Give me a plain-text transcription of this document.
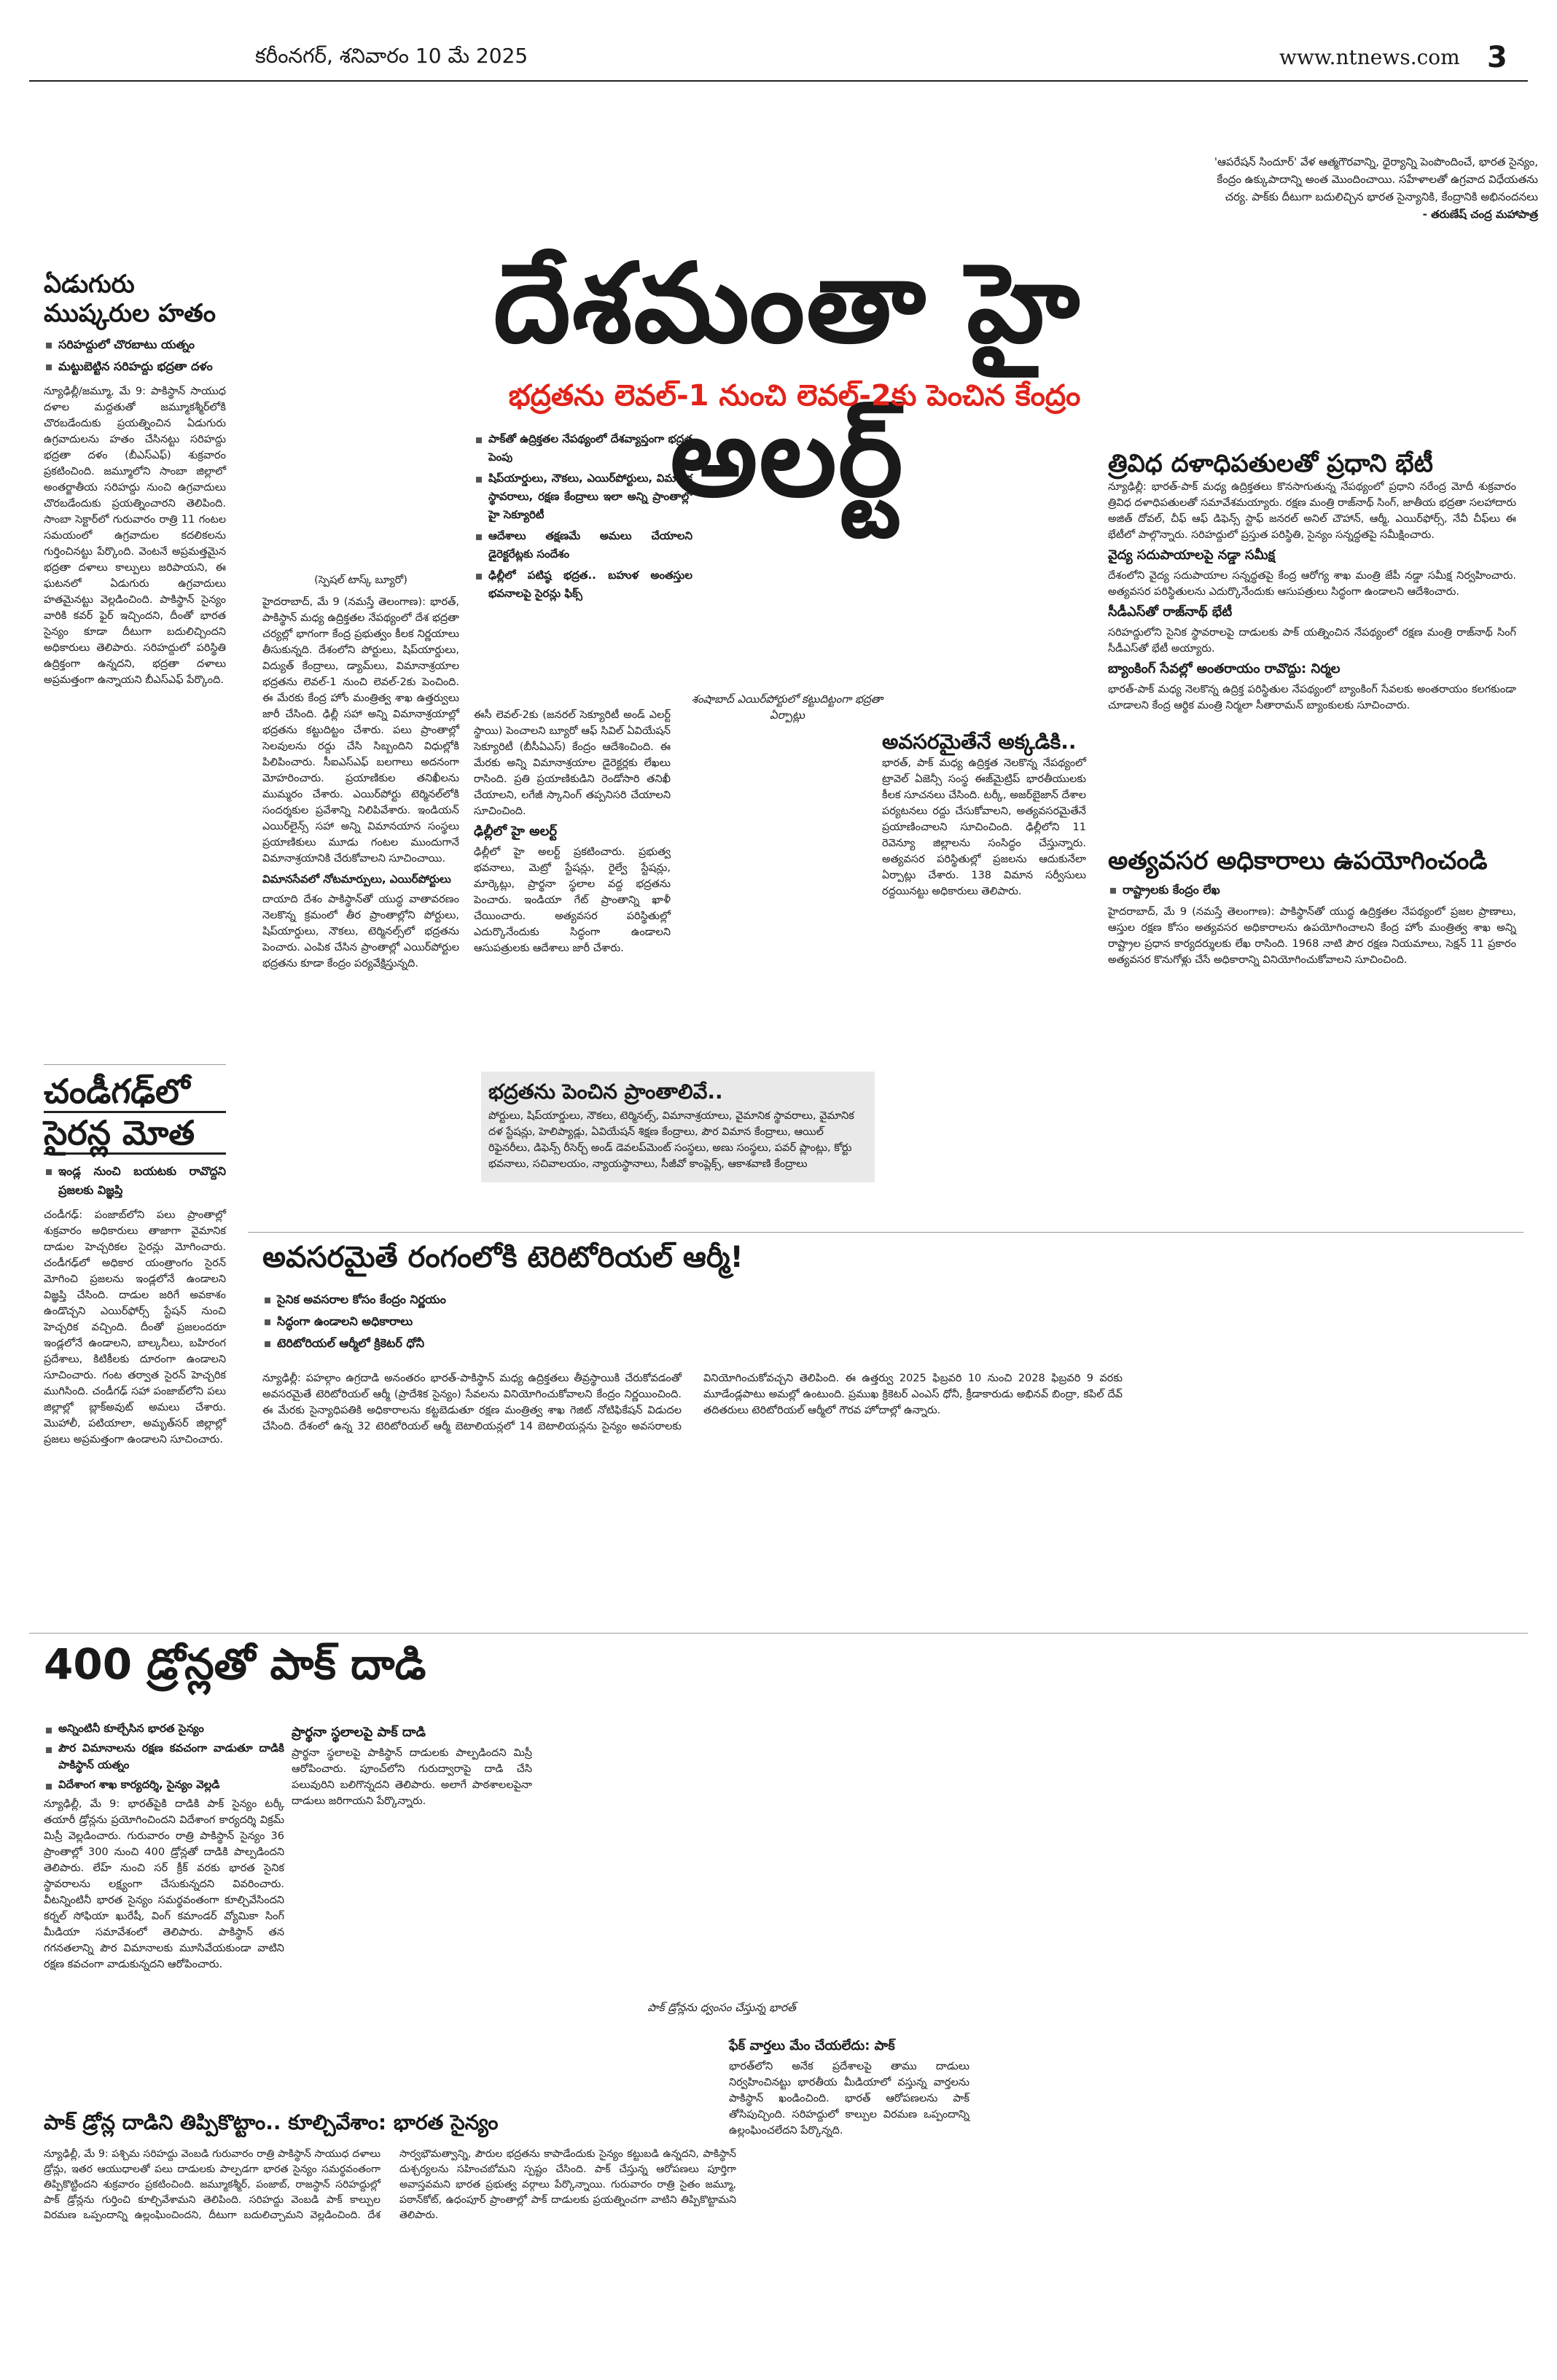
కరీంనగర్, శనివారం 10 మే 2025	www.ntnews.com 3
'ఆపరేషన్ సిందూర్' వేళ ఆత్మగౌరవాన్ని, ధైర్యాన్ని పెంపొందించే, భారత సైన్యం, కేంద్రం ఉక్కుపాదాన్ని అంత మొందించాయి. సహేళాలతో ఉగ్రవాద విధేయతను చర్య. పాక్‌కు దీటుగా బదులిచ్చిన భారత సైన్యానికి, కేంద్రానికి అభినందనలు
- తరుణేష్ చంద్ర మహాపాత్ర
దేశమంతా హై అలర్ట్
భద్రతను లెవల్-1 నుంచి లెవల్-2కు పెంచిన కేంద్రం
ఏడుగురు ముష్కరుల హతం
సరిహద్దులో చొరబాటు యత్నం
మట్టుబెట్టిన సరిహద్దు భద్రతా దళం

న్యూఢిల్లీ/జమ్మూ, మే 9: పాకిస్థాన్ సాయుధ దళాల మద్దతుతో జమ్మూకశ్మీర్‌లోకి చొరబడేందుకు ప్రయత్నించిన ఏడుగురు ఉగ్రవాదులను హతం చేసినట్టు సరిహద్దు భద్రతా దళం (బీఎస్ఎఫ్) శుక్రవారం ప్రకటించింది. జమ్మూలోని సాంబా జిల్లాలో అంతర్జాతీయ సరిహద్దు నుంచి ఉగ్రవాదులు చొరబడేందుకు ప్రయత్నించారని తెలిపింది. సాంబా సెక్టార్‌లో గురువారం రాత్రి 11 గంటల సమయంలో ఉగ్రవాదుల కదలికలను గుర్తించినట్టు పేర్కొంది. వెంటనే అప్రమత్తమైన భద్రతా దళాలు కాల్పులు జరిపాయని, ఈ ఘటనలో ఏడుగురు ఉగ్రవాదులు హతమైనట్టు వెల్లడించింది. పాకిస్థాన్ సైన్యం వారికి కవర్ ఫైర్ ఇచ్చిందని, దీంతో భారత సైన్యం కూడా దీటుగా బదులిచ్చిందని అధికారులు తెలిపారు. సరిహద్దులో పరిస్థితి ఉద్రిక్తంగా ఉన్నదని, భద్రతా దళాలు అప్రమత్తంగా ఉన్నాయని బీఎస్ఎఫ్ పేర్కొంది.

చండీగఢ్‌లో
సైరన్ల మోత
ఇండ్ల నుంచి బయటకు రావొద్దని ప్రజలకు విజ్ఞప్తి

చండీగఢ్: పంజాబ్‌లోని పలు ప్రాంతాల్లో శుక్రవారం అధికారులు తాజాగా వైమానిక దాడుల హెచ్చరికల సైరన్లు మోగించారు. చండీగఢ్‌లో అధికార యంత్రాంగం సైరన్ మోగించి ప్రజలను ఇండ్లలోనే ఉండాలని విజ్ఞప్తి చేసింది. దాడుల జరిగే అవకాశం ఉండొచ్చని ఎయిర్‌ఫోర్స్ స్టేషన్ నుంచి హెచ్చరిక వచ్చింది. దీంతో ప్రజలందరూ ఇండ్లలోనే ఉండాలని, బాల్కనీలు, బహిరంగ ప్రదేశాలు, కిటికీలకు దూరంగా ఉండాలని సూచించారు. గంట తర్వాత సైరన్ హెచ్చరిక ముగిసింది. చండీగఢ్ సహా పంజాబ్‌లోని పలు జిల్లాల్లో బ్లాక్‌అవుట్ అమలు చేశారు. మొహాలీ, పటియాలా, అమృత్‌సర్ జిల్లాల్లో ప్రజలు అప్రమత్తంగా ఉండాలని సూచించారు.

(స్పెషల్ టాస్క్ బ్యూరో)

హైదరాబాద్, మే 9 (నమస్తే తెలంగాణ): భారత్, పాకిస్థాన్ మధ్య ఉద్రిక్తతల నేపథ్యంలో దేశ భద్రతా చర్యల్లో భాగంగా కేంద్ర ప్రభుత్వం కీలక నిర్ణయాలు తీసుకున్నది. దేశంలోని పోర్టులు, షిప్‌యార్డులు, విద్యుత్ కేంద్రాలు, డ్యామ్‌లు, విమానాశ్రయాల భద్రతను లెవల్-1 నుంచి లెవల్-2కు పెంచింది. ఈ మేరకు కేంద్ర హోం మంత్రిత్వ శాఖ ఉత్తర్వులు జారీ చేసింది. ఢిల్లీ సహా అన్ని విమానాశ్రయాల్లో భద్రతను కట్టుదిట్టం చేశారు. పలు ప్రాంతాల్లో సెలవులను రద్దు చేసి సిబ్బందిని విధుల్లోకి పిలిపించారు. సీఐఎస్ఎఫ్ బలగాలు అదనంగా మోహరించారు. ప్రయాణికుల తనిఖీలను ముమ్మరం చేశారు. ఎయిర్‌పోర్టు టెర్మినల్‌లోకి సందర్శకుల ప్రవేశాన్ని నిలిపివేశారు. ఇండియన్ ఎయిర్‌లైన్స్ సహా అన్ని విమానయాన సంస్థలు ప్రయాణికులు మూడు గంటల ముందుగానే విమానాశ్రయానికి చేరుకోవాలని సూచించాయి.

విమానసేవలో నోటమార్పులు, ఎయిర్‌పోర్టులు

దాయాది దేశం పాకిస్థాన్‌తో యుద్ధ వాతావరణం నెలకొన్న క్రమంలో తీర ప్రాంతాల్లోని పోర్టులు, షిప్‌యార్డులు, నౌకలు, టెర్మినల్స్‌లో భద్రతను పెంచారు. ఎంపిక చేసిన ప్రాంతాల్లో ఎయిర్‌పోర్టుల భద్రతను కూడా కేంద్రం పర్యవేక్షిస్తున్నది.

పాక్‌తో ఉద్రిక్తతల నేపథ్యంలో దేశవ్యాప్తంగా భద్రత పెంపు
షిప్‌యార్డులు, నౌకలు, ఎయిర్‌పోర్టులు, విమానిక స్థావరాలు, రక్షణ కేంద్రాలు ఇలా అన్ని ప్రాంతాల్లో హై సెక్యూరిటీ
ఆదేశాలు తక్షణమే అమలు చేయాలని డైరెక్టరేట్లకు సందేశం
ఢిల్లీలో పటిష్ఠ భద్రత.. బహుళ అంతస్తుల భవనాలపై సైరన్లు ఫిక్స్

ఈసీ లెవల్-2కు (జనరల్ సెక్యూరిటీ అండ్ ఎలర్ట్ స్థాయి) పెంచాలని బ్యూరో ఆఫ్ సివిల్ ఏవియేషన్ సెక్యూరిటీ (బీసీఏఎస్) కేంద్రం ఆదేశించింది. ఈ మేరకు అన్ని విమానాశ్రయాల డైరెక్టర్లకు లేఖలు రాసింది. ప్రతి ప్రయాణికుడిని రెండోసారి తనిఖీ చేయాలని, లగేజీ స్కానింగ్ తప్పనిసరి చేయాలని సూచించింది.

ఢిల్లీలో హై అలర్ట్

ఢిల్లీలో హై అలర్ట్ ప్రకటించారు. ప్రభుత్వ భవనాలు, మెట్రో స్టేషన్లు, రైల్వే స్టేషన్లు, మార్కెట్లు, ప్రార్థనా స్థలాల వద్ద భద్రతను పెంచారు. ఇండియా గేట్ ప్రాంతాన్ని ఖాళీ చేయించారు. అత్యవసర పరిస్థితుల్లో ఎదుర్కొనేందుకు సిద్ధంగా ఉండాలని ఆసుపత్రులకు ఆదేశాలు జారీ చేశారు.

శంషాబాద్ ఎయిర్‌పోర్టులో కట్టుదిట్టంగా భద్రతా ఏర్పాట్లు
అవసరమైతేనే అక్కడికి..

భారత్, పాక్ మధ్య ఉద్రిక్తత నెలకొన్న నేపథ్యంలో ట్రావెల్ ఏజెన్సీ సంస్థ ఈజ్‌మైట్రిప్ భారతీయులకు కీలక సూచనలు చేసింది. టర్కీ, అజర్‌బైజాన్ దేశాల పర్యటనలు రద్దు చేసుకోవాలని, అత్యవసరమైతేనే ప్రయాణించాలని సూచించింది. ఢిల్లీలోని 11 రెవెన్యూ జిల్లాలను సంసిద్ధం చేస్తున్నారు. అత్యవసర పరిస్థితుల్లో ప్రజలను ఆదుకునేలా ఏర్పాట్లు చేశారు. 138 విమాన సర్వీసులు రద్దయిన‌ట్టు అధికారులు తెలిపారు.

భద్రతను పెంచిన ప్రాంతాలివే..

పోర్టులు, షిప్‌యార్డులు, నౌకలు, టెర్మినల్స్, విమానాశ్రయాలు, వైమానిక స్థావరాలు, వైమానిక దళ స్టేషన్లు, హెలిప్యాడ్లు, ఏవియేషన్ శిక్షణ కేంద్రాలు, పౌర విమాన కేంద్రాలు, ఆయిల్ రిఫైనరీలు, డిఫెన్స్ రీసెర్చ్ అండ్ డెవలప్‌మెంట్ సంస్థలు, అణు సంస్థలు, పవర్ ప్లాంట్లు, కోర్టు భవనాలు, సచివాలయం, న్యాయస్థానాలు, సీజీవో కాంప్లెక్స్, ఆకాశవాణి కేంద్రాలు

త్రివిధ దళాధిపతులతో ప్రధాని భేటీ

న్యూఢిల్లీ: భారత్-పాక్ మధ్య ఉద్రిక్తతలు కొనసాగుతున్న నేపథ్యంలో ప్రధాని నరేంద్ర మోదీ శుక్రవారం త్రివిధ దళాధిపతులతో సమావేశమయ్యారు. రక్షణ మంత్రి రాజ్‌నాథ్ సింగ్, జాతీయ భద్రతా సలహాదారు అజిత్ దోవల్, చీఫ్ ఆఫ్ డిఫెన్స్ స్టాఫ్ జనరల్ అనిల్ చౌహాన్, ఆర్మీ, ఎయిర్‌ఫోర్స్, నేవీ చీఫ్‌లు ఈ భేటీలో పాల్గొన్నారు. సరిహద్దులో ప్రస్తుత పరిస్థితి, సైన్యం సన్నద్ధతపై సమీక్షించారు.

వైద్య సదుపాయాలపై నడ్డా సమీక్ష

దేశంలోని వైద్య సదుపాయాల సన్నద్ధతపై కేంద్ర ఆరోగ్య శాఖ మంత్రి జేపీ నడ్డా సమీక్ష నిర్వహించారు. అత్యవసర పరిస్థితులను ఎదుర్కొనేందుకు ఆసుపత్రులు సిద్ధంగా ఉండాలని ఆదేశించారు.

సీడీఎస్‌తో రాజ్‌నాథ్ భేటీ

సరిహద్దులోని సైనిక స్థావరాలపై దాడులకు పాక్ యత్నించిన నేపథ్యంలో రక్షణ మంత్రి రాజ్‌నాథ్ సింగ్ సీడీఎస్‌తో భేటీ అయ్యారు.

బ్యాంకింగ్ సేవల్లో అంతరాయం రావొద్దు: నిర్మల

భారత్-పాక్ మధ్య నెలకొన్న ఉద్రిక్త పరిస్థితుల నేపథ్యంలో బ్యాంకింగ్ సేవలకు అంతరాయం కలగకుండా చూడాలని కేంద్ర ఆర్థిక మంత్రి నిర్మలా సీతారామన్ బ్యాంకులకు సూచించారు.

అత్యవసర అధికారాలు ఉపయోగించండి
రాష్ట్రాలకు కేంద్రం లేఖ

హైదరాబాద్, మే 9 (నమస్తే తెలంగాణ): పాకిస్థాన్‌తో యుద్ధ ఉద్రిక్తతల నేపథ్యంలో ప్రజల ప్రాణాలు, ఆస్తుల రక్షణ కోసం అత్యవసర అధికారాలను ఉపయోగించాలని కేంద్ర హోం మంత్రిత్వ శాఖ అన్ని రాష్ట్రాల ప్రధాన కార్యదర్శులకు లేఖ రాసింది. 1968 నాటి పౌర రక్షణ నియమాలు, సెక్షన్ 11 ప్రకారం అత్యవసర కొనుగోళ్లు చేసే అధికారాన్ని వినియోగించుకోవాలని సూచించింది.

అవసరమైతే రంగంలోకి టెరిటోరియల్ ఆర్మీ!
సైనిక అవసరాల కోసం కేంద్రం నిర్ణయం
సిద్ధంగా ఉండాలని అధికారాలు
టెరిటోరియల్ ఆర్మీలో క్రికెటర్ ధోనీ
న్యూఢిల్లీ: పహల్గాం ఉగ్రదాడి అనంతరం భారత్-పాకిస్థాన్ మధ్య ఉద్రిక్తతలు తీవ్రస్థాయికి చేరుకోవడంతో అవసరమైతే టెరిటోరియల్ ఆర్మీ (ప్రాదేశిక సైన్యం) సేవలను వినియోగించుకోవాలని కేంద్రం నిర్ణయించింది. ఈ మేరకు సైన్యాధిపతికి అధికారాలను కట్టబెడుతూ రక్షణ మంత్రిత్వ శాఖ గెజిట్ నోటిఫికేషన్ విడుదల చేసింది. దేశంలో ఉన్న 32 టెరిటోరియల్ ఆర్మీ బెటాలియన్లలో 14 బెటాలియన్లను సైన్యం అవసరాలకు వినియోగించుకోవచ్చని తెలిపింది. ఈ ఉత్తర్వు 2025 ఫిబ్రవరి 10 నుంచి 2028 ఫిబ్రవరి 9 వరకు మూడేండ్లపాటు అమల్లో ఉంటుంది. ప్రముఖ క్రికెటర్ ఎంఎస్ ధోనీ, క్రీడాకారుడు అభినవ్ బింద్రా, కపిల్ దేవ్ తదితరులు టెరిటోరియల్ ఆర్మీలో గౌరవ హోదాల్లో ఉన్నారు.
400 డ్రోన్లతో పాక్ దాడి
అన్నింటినీ కూల్చేసిన భారత సైన్యం
పౌర విమానాలను రక్షణ కవచంగా వాడుతూ దాడికి పాకిస్థాన్ యత్నం
విదేశాంగ శాఖ కార్యదర్శి, సైన్యం వెల్లడి

న్యూఢిల్లీ, మే 9: భారత్‌పైకి దాడికి పాక్ సైన్యం టర్కీ తయారీ డ్రోన్లను ప్రయోగించిందని విదేశాంగ కార్యదర్శి విక్రమ్ మిస్రీ వెల్లడించారు. గురువారం రాత్రి పాకిస్థాన్ సైన్యం 36 ప్రాంతాల్లో 300 నుంచి 400 డ్రోన్లతో దాడికి పాల్పడిందని తెలిపారు. లేహ్ నుంచి సర్ క్రీక్ వరకు భారత సైనిక స్థావరాలను లక్ష్యంగా చేసుకున్నదని వివరించారు. వీటన్నింటినీ భారత సైన్యం సమర్థవంతంగా కూల్చివేసిందని కర్నల్ సోఫియా ఖురేషీ, వింగ్ కమాండర్ వ్యోమికా సింగ్ మీడియా సమావేశంలో తెలిపారు. పాకిస్థాన్ తన గగనతలాన్ని పౌర విమానాలకు మూసివేయకుండా వాటిని రక్షణ కవచంగా వాడుకున్నదని ఆరోపించారు.

ప్రార్థనా స్థలాలపై పాక్ దాడి

ప్రార్థనా స్థలాలపై పాకిస్థాన్ దాడులకు పాల్పడిందని మిస్రీ ఆరోపించారు. పూంచ్‌లోని గురుద్వారాపై దాడి చేసి పలువురిని బలిగొన్నదని తెలిపారు. అలాగే పాఠశాలలపైనా దాడులు జరిగాయని పేర్కొన్నారు.

పాక్ డ్రోన్లను ధ్వంసం చేస్తున్న భారత్
ఫేక్ వార్తలు మేం చేయలేదు: పాక్

భారత్‌లోని అనేక ప్రదేశాలపై తాము దాడులు నిర్వహించినట్టు భారతీయ మీడియాలో వస్తున్న వార్తలను పాకిస్థాన్ ఖండించింది. భారత్ ఆరోపణలను పాక్ తోసిపుచ్చింది. సరిహద్దులో కాల్పుల విరమణ ఒప్పందాన్ని ఉల్లంఘించలేదని పేర్కొన్నది.

పాక్‌ డ్రోన్ల దాడిని తిప్పికొట్టాం.. కూల్చివేశాం: భారత సైన్యం
న్యూఢిల్లీ, మే 9: పశ్చిమ సరిహద్దు వెంబడి గురువారం రాత్రి పాకిస్థాన్ సాయుధ దళాలు డ్రోన్లు, ఇతర ఆయుధాలతో పలు దాడులకు పాల్పడగా భారత సైన్యం సమర్థవంతంగా తిప్పికొట్టిందని శుక్రవారం ప్రకటించింది. జమ్మూకశ్మీర్, పంజాబ్, రాజస్థాన్ సరిహద్దుల్లో పాక్ డ్రోన్లను గుర్తించి కూల్చివేశామని తెలిపింది. సరిహద్దు వెంబడి పాక్ కాల్పుల విరమణ ఒప్పందాన్ని ఉల్లంఘించిందని, దీటుగా బదులిచ్చామని వెల్లడించింది. దేశ సార్వభౌమత్వాన్ని, పౌరుల భద్రతను కాపాడేందుకు సైన్యం కట్టుబడి ఉన్నదని, పాకిస్థాన్ దుశ్చర్యలను సహించబోమని స్పష్టం చేసింది. పాక్ చేస్తున్న ఆరోపణలు పూర్తిగా అవాస్తవమని భారత ప్రభుత్వ వర్గాలు పేర్కొన్నాయి. గురువారం రాత్రి సైతం జమ్మూ, పఠాన్‌కోట్, ఉధంపూర్ ప్రాంతాల్లో పాక్ దాడులకు ప్రయత్నించగా వాటిని తిప్పికొట్టామని తెలిపారు.
